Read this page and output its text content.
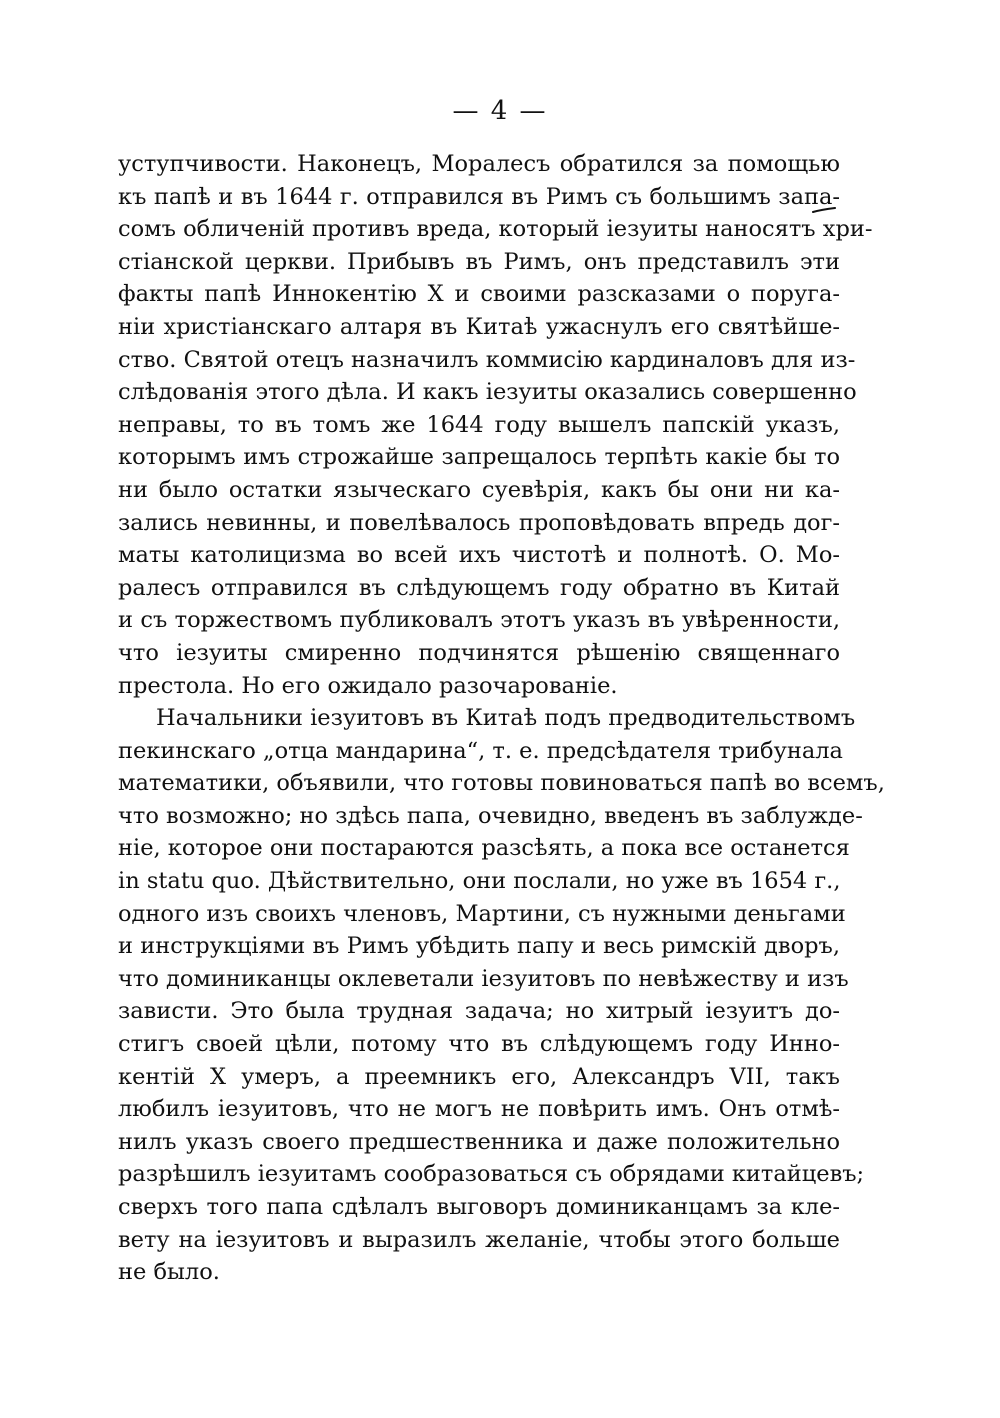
— 4 —
уступчивости. Наконецъ, Моралесъ обратился за помощью
къ папѣ и въ 1644 г. отправился въ Римъ съ большимъ запа-
сомъ обличеній противъ вреда, который іезуиты наносятъ хри-
стіанской церкви. Прибывъ въ Римъ, онъ представилъ эти
факты папѣ Иннокентію X и своими разсказами о поруга-
ніи христіанскаго алтаря въ Китаѣ ужаснулъ его святѣйше-
ство. Святой отецъ назначилъ коммисію кардиналовъ для из-
слѣдованія этого дѣла. И какъ іезуиты оказались совершенно
неправы, то въ томъ же 1644 году вышелъ папскій указъ,
которымъ имъ строжайше запрещалось терпѣть какіе бы то
ни было остатки языческаго суевѣрія, какъ бы они ни ка-
зались невинны, и повелѣвалось проповѣдовать впредь дог-
маты католицизма во всей ихъ чистотѣ и полнотѣ. О. Мо-
ралесъ отправился въ слѣдующемъ году обратно въ Китай
и съ торжествомъ публиковалъ этотъ указъ въ увѣренности,
что іезуиты смиренно подчинятся рѣшенію священнаго
престола. Но его ожидало разочарованіе.
Начальники іезуитовъ въ Китаѣ подъ предводительствомъ
пекинскаго „отца мандарина“, т. е. предсѣдателя трибунала
математики, объявили, что готовы повиноваться папѣ во всемъ,
что возможно; но здѣсь папа, очевидно, введенъ въ заблужде-
ніе, которое они постараются разсѣять, а пока все останется
in statu quo. Дѣйствительно, они послали, но уже въ 1654 г.,
одного изъ своихъ членовъ, Мартини, съ нужными деньгами
и инструкціями въ Римъ убѣдить папу и весь римскій дворъ,
что доминиканцы оклеветали іезуитовъ по невѣжеству и изъ
зависти. Это была трудная задача; но хитрый іезуитъ до-
стигъ своей цѣли, потому что въ слѣдующемъ году Инно-
кентій X умеръ, а преемникъ его, Александръ VII, такъ
любилъ іезуитовъ, что не могъ не повѣрить имъ. Онъ отмѣ-
нилъ указъ своего предшественника и даже положительно
разрѣшилъ іезуитамъ сообразоваться съ обрядами китайцевъ;
сверхъ того папа сдѣлалъ выговоръ доминиканцамъ за кле-
вету на іезуитовъ и выразилъ желаніе, чтобы этого больше
не было.
